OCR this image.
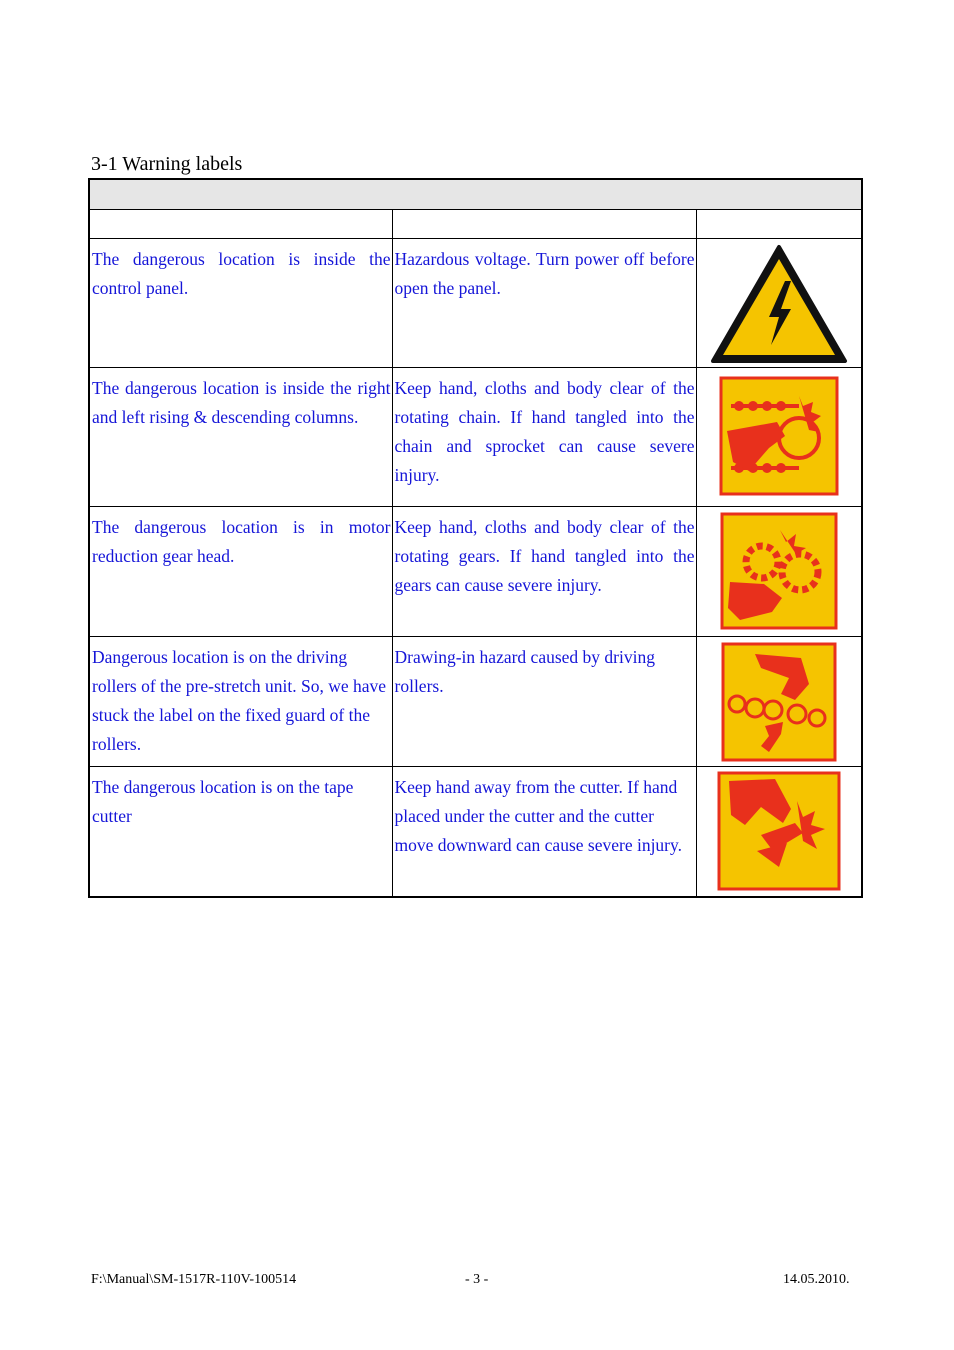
3-1 Warning labels

The dangerous location is inside the control panel.	Hazardous voltage. Turn power off before open the panel.

The dangerous location is inside the right and left rising & descending columns.	Keep hand, cloths and body clear of the rotating chain. If hand tangled into the chain and sprocket can cause severe injury.

The dangerous location is in motor reduction gear head.	Keep hand, cloths and body clear of the rotating gears. If hand tangled into the gears can cause severe injury.

Dangerous location is on the driving rollers of the pre-stretch unit. So, we have stuck the label on the fixed guard of the rollers.	Drawing-in hazard caused by driving rollers.

The dangerous location is on the tape cutter	Keep hand away from the cutter. If hand placed under the cutter and the cutter move downward can cause severe injury.

F:\Manual\SM-1517R-110V-100514	- 3 -	14.05.2010.
